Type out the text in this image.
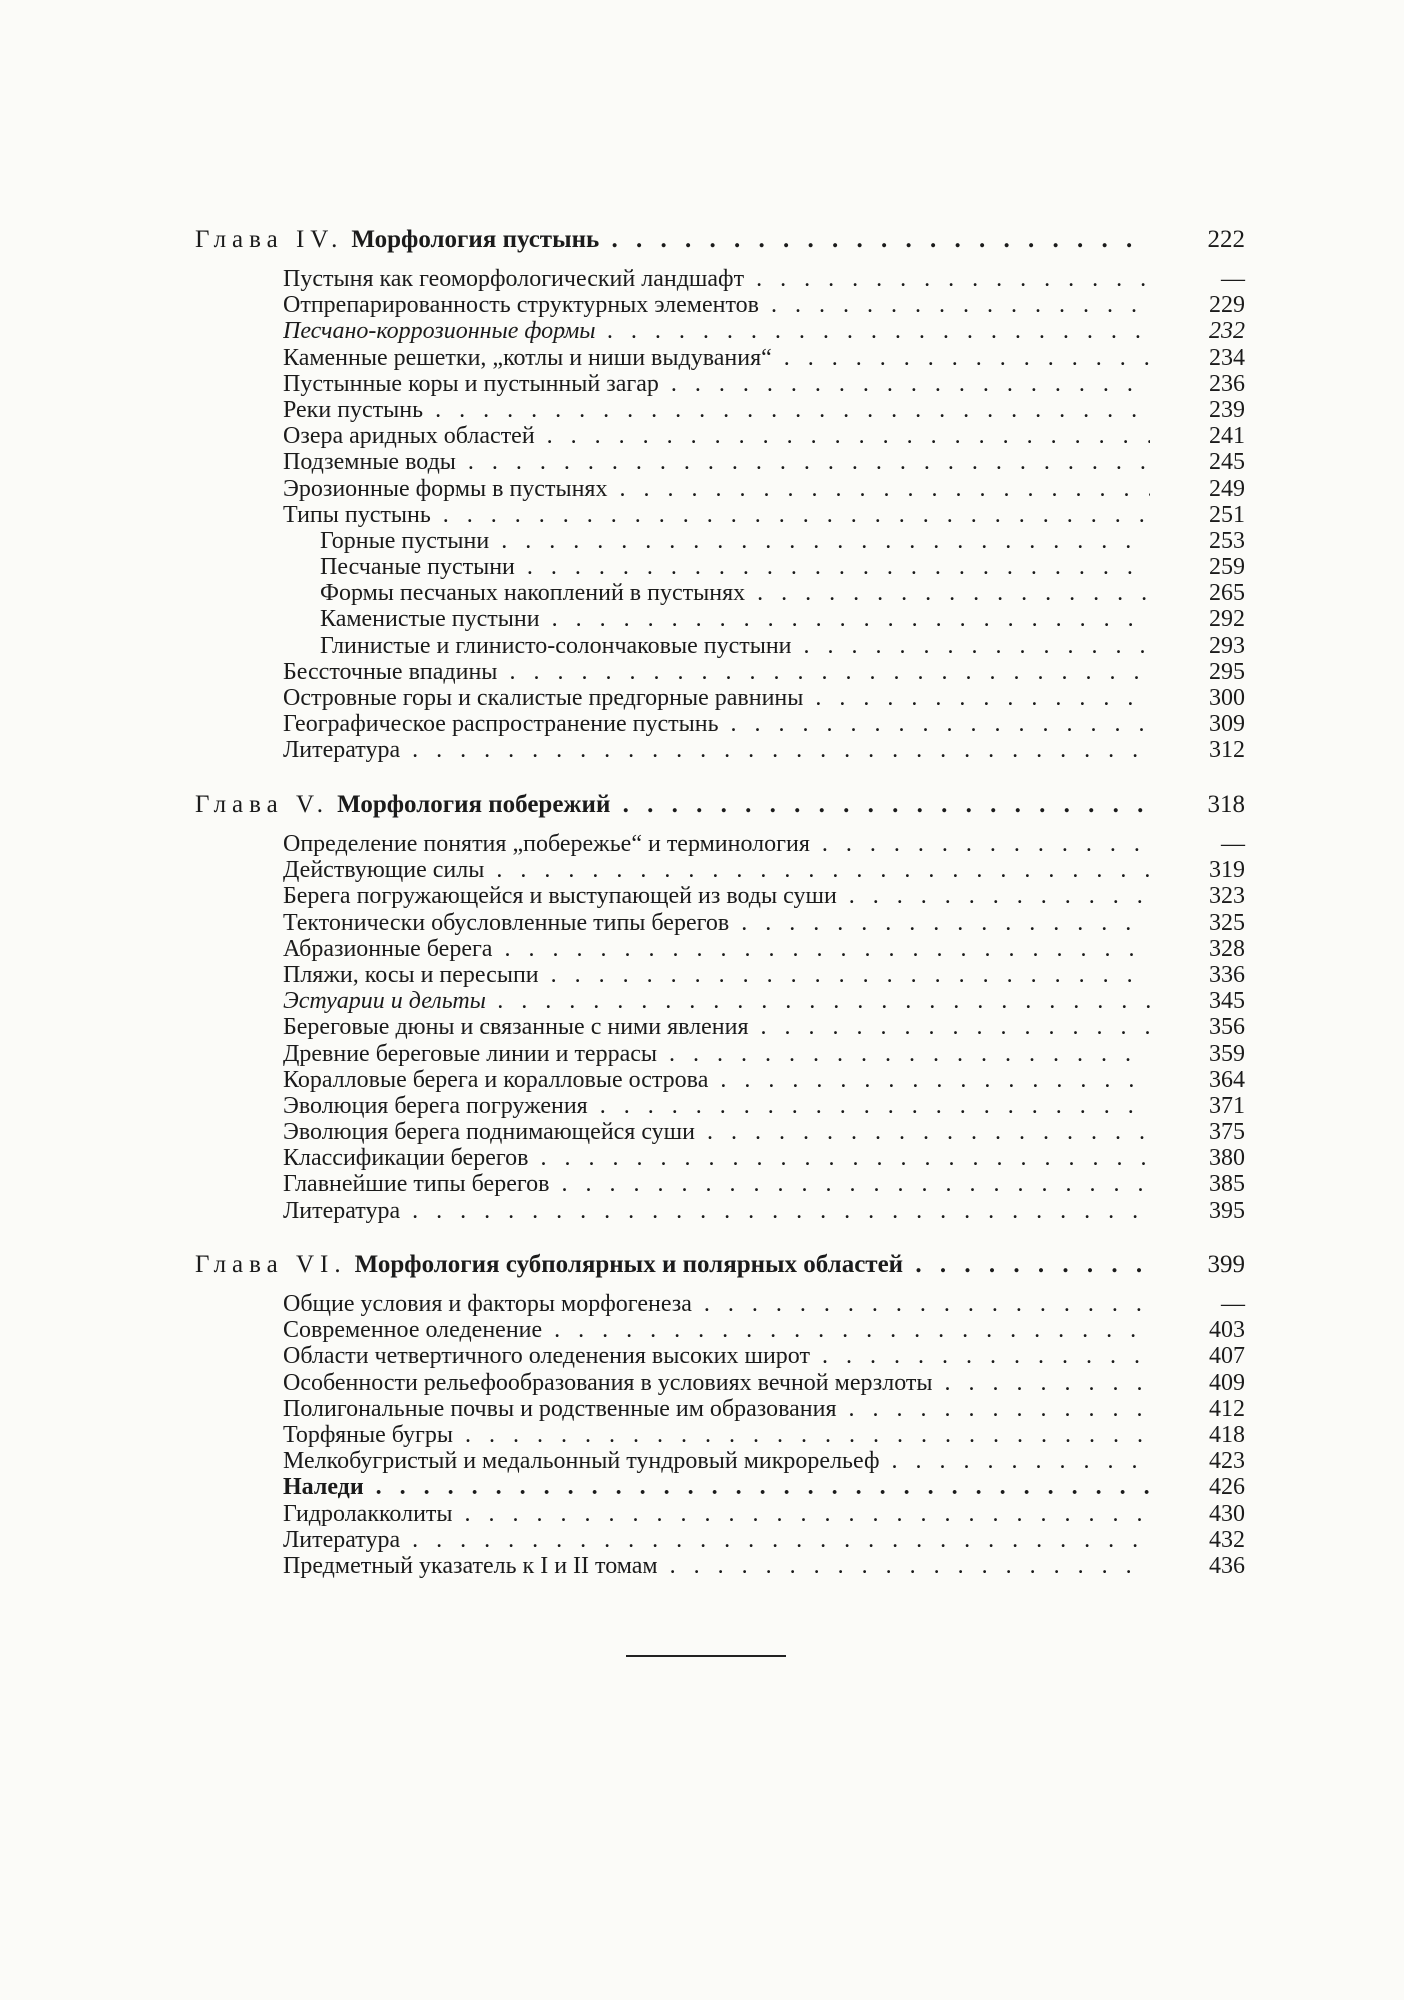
Глава IV. Морфология пустынь . . .	222
Пустыня как геоморфологический ландшафт . . .	—
Отпрепарированность структурных элементов . . .	229
Песчано-коррозионные формы . . .	232
Каменные решетки, „котлы и ниши выдувания“ . . .	234
Пустынные коры и пустынный загар . . .	236
Реки пустынь . . .	239
Озера аридных областей . . .	241
Подземные воды . . .	245
Эрозионные формы в пустынях . . .	249
Типы пустынь . . .	251
Горные пустыни . . .	253
Песчаные пустыни . . .	259
Формы песчаных накоплений в пустынях . . .	265
Каменистые пустыни . . .	292
Глинистые и глинисто-солончаковые пустыни . . .	293
Бессточные впадины . . .	295
Островные горы и скалистые предгорные равнины . . .	300
Географическое распространение пустынь . . .	309
Литература . . .	312
Глава V. Морфология побережий . . .	318
Определение понятия „побережье“ и терминология . . .	—
Действующие силы . . .	319
Берега погружающейся и выступающей из воды суши . . .	323
Тектонически обусловленные типы берегов . . .	325
Абразионные берега . . .	328
Пляжи, косы и пересыпи . . .	336
Эстуарии и дельты . . .	345
Береговые дюны и связанные с ними явления . . .	356
Древние береговые линии и террасы . . .	359
Коралловые берега и коралловые острова . . .	364
Эволюция берега погружения . . .	371
Эволюция берега поднимающейся суши . . .	375
Классификации берегов . . .	380
Главнейшие типы берегов . . .	385
Литература . . .	395
Глава VI. Морфология субполярных и полярных областей . . .	399
Общие условия и факторы морфогенеза . . .	—
Современное оледенение . . .	403
Области четвертичного оледенения высоких широт . . .	407
Особенности рельефообразования в условиях вечной мерзлоты . . .	409
Полигональные почвы и родственные им образования . . .	412
Торфяные бугры . . .	418
Мелкобугристый и медальонный тундровый микрорельеф . . .	423
Наледи . . .	426
Гидролакколиты . . .	430
Литература . . .	432
Предметный указатель к I и II томам . . .	436
